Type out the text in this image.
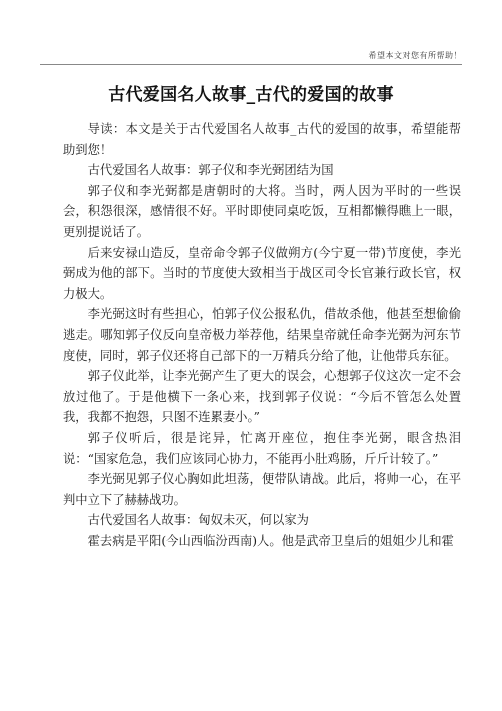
希望本文对您有所帮助！
古代爱国名人故事_古代的爱国的故事

导读：本文是关于古代爱国名人故事_古代的爱国的故事，希望能帮助到您！

古代爱国名人故事：郭子仪和李光弼团结为国

郭子仪和李光弼都是唐朝时的大将。当时，两人因为平时的一些误会，积怨很深，感情很不好。平时即使同桌吃饭，互相都懒得瞧上一眼，更别提说话了。

后来安禄山造反，皇帝命令郭子仪做朔方(今宁夏一带)节度使，李光弼成为他的部下。当时的节度使大致相当于战区司令长官兼行政长官，权力极大。

李光弼这时有些担心，怕郭子仪公报私仇，借故杀他，他甚至想偷偷逃走。哪知郭子仪反向皇帝极力举荐他，结果皇帝就任命李光弼为河东节度使，同时，郭子仪还将自己部下的一万精兵分给了他，让他带兵东征。

郭子仪此举，让李光弼产生了更大的误会，心想郭子仪这次一定不会放过他了。于是他横下一条心来，找到郭子仪说：“今后不管怎么处置我，我都不抱怨，只图不连累妻小。”

郭子仪听后，很是诧异，忙离开座位，抱住李光弼，眼含热泪说：“国家危急，我们应该同心协力，不能再小肚鸡肠，斤斤计较了。”

李光弼见郭子仪心胸如此坦荡，便带队请战。此后，将帅一心，在平判中立下了赫赫战功。

古代爱国名人故事：匈奴未灭，何以家为

霍去病是平阳(今山西临汾西南)人。他是武帝卫皇后的姐姐少儿和霍
